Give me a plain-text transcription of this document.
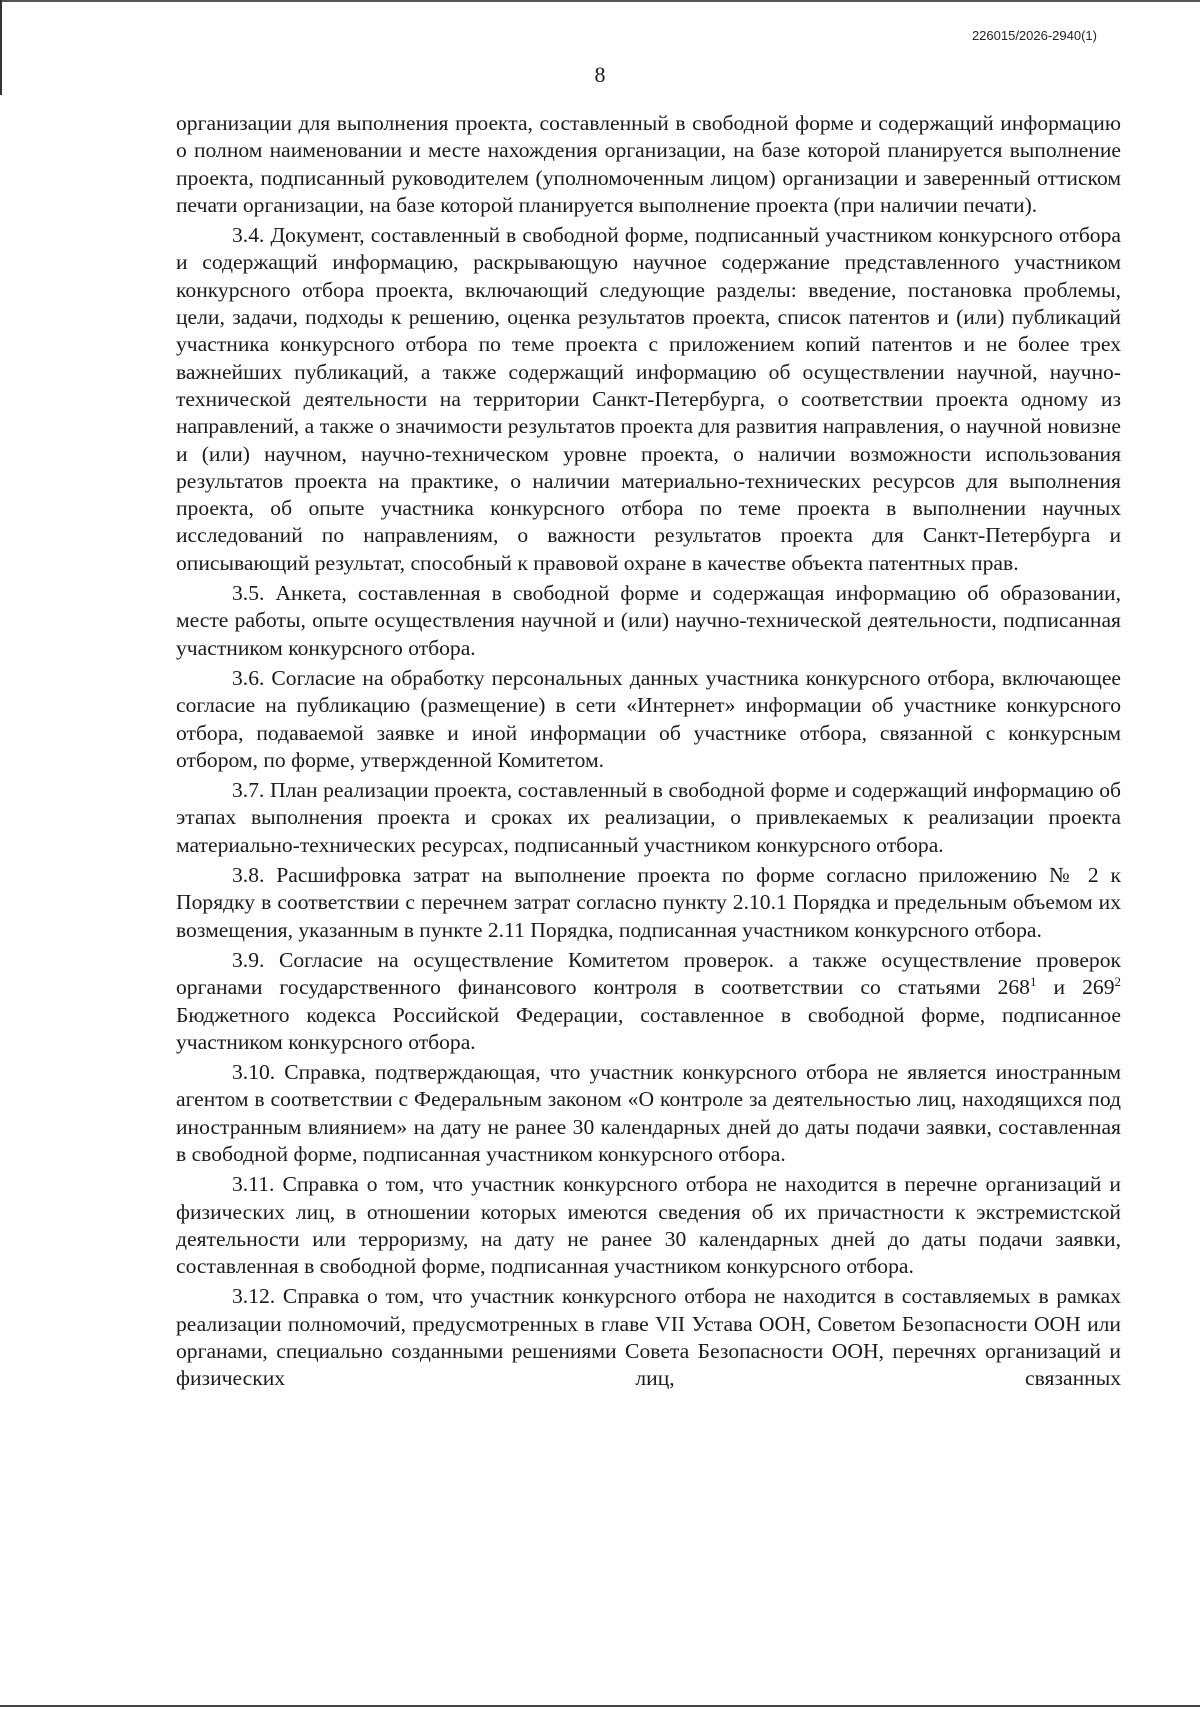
226015/2026-2940(1)
8

организации для выполнения проекта, составленный в свободной форме и содержащий информацию о полном наименовании и месте нахождения организации, на базе которой планируется выполнение проекта, подписанный руководителем (уполномоченным лицом) организации и заверенный оттиском печати организации, на базе которой планируется выполнение проекта (при наличии печати).

3.4. Документ, составленный в свободной форме, подписанный участником конкурсного отбора и содержащий информацию, раскрывающую научное содержание представленного участником конкурсного отбора проекта, включающий следующие разделы: введение, постановка проблемы, цели, задачи, подходы к решению, оценка результатов проекта, список патентов и (или) публикаций участника конкурсного отбора по теме проекта с приложением копий патентов и не более трех важнейших публикаций, а также содержащий информацию об осуществлении научной, научно-технической деятельности на территории Санкт-Петербурга, о соответствии проекта одному из направлений, а также о значимости результатов проекта для развития направления, о научной новизне и (или) научном, научно-техническом уровне проекта, о наличии возможности использования результатов проекта на практике, о наличии материально-технических ресурсов для выполнения проекта, об опыте участника конкурсного отбора по теме проекта в выполнении научных исследований по направлениям, о важности результатов проекта для Санкт-Петербурга и описывающий результат, способный к правовой охране в качестве объекта патентных прав.

3.5. Анкета, составленная в свободной форме и содержащая информацию об образовании, месте работы, опыте осуществления научной и (или) научно-технической деятельности, подписанная участником конкурсного отбора.

3.6. Согласие на обработку персональных данных участника конкурсного отбора, включающее согласие на публикацию (размещение) в сети «Интернет» информации об участнике конкурсного отбора, подаваемой заявке и иной информации об участнике отбора, связанной с конкурсным отбором, по форме, утвержденной Комитетом.

3.7. План реализации проекта, составленный в свободной форме и содержащий информацию об этапах выполнения проекта и сроках их реализации, о привлекаемых к реализации проекта материально-технических ресурсах, подписанный участником конкурсного отбора.

3.8. Расшифровка затрат на выполнение проекта по форме согласно приложению № 2 к Порядку в соответствии с перечнем затрат согласно пункту 2.10.1 Порядка и предельным объемом их возмещения, указанным в пункте 2.11 Порядка, подписанная участником конкурсного отбора.

3.9. Согласие на осуществление Комитетом проверок. а также осуществление проверок органами государственного финансового контроля в соответствии со статьями $268^1$ и $269^2$ Бюджетного кодекса Российской Федерации, составленное в свободной форме, подписанное участником конкурсного отбора.

3.10. Справка, подтверждающая, что участник конкурсного отбора не является иностранным агентом в соответствии с Федеральным законом «О контроле за деятельностью лиц, находящихся под иностранным влиянием» на дату не ранее 30 календарных дней до даты подачи заявки, составленная в свободной форме, подписанная участником конкурсного отбора.

3.11. Справка о том, что участник конкурсного отбора не находится в перечне организаций и физических лиц, в отношении которых имеются сведения об их причастности к экстремистской деятельности или терроризму, на дату не ранее 30 календарных дней до даты подачи заявки, составленная в свободной форме, подписанная участником конкурсного отбора.

3.12. Справка о том, что участник конкурсного отбора не находится в составляемых в рамках реализации полномочий, предусмотренных в главе VII Устава ООН, Советом Безопасности ООН или органами, специально созданными решениями Совета Безопасности ООН, перечнях организаций и физических лиц, связанных
